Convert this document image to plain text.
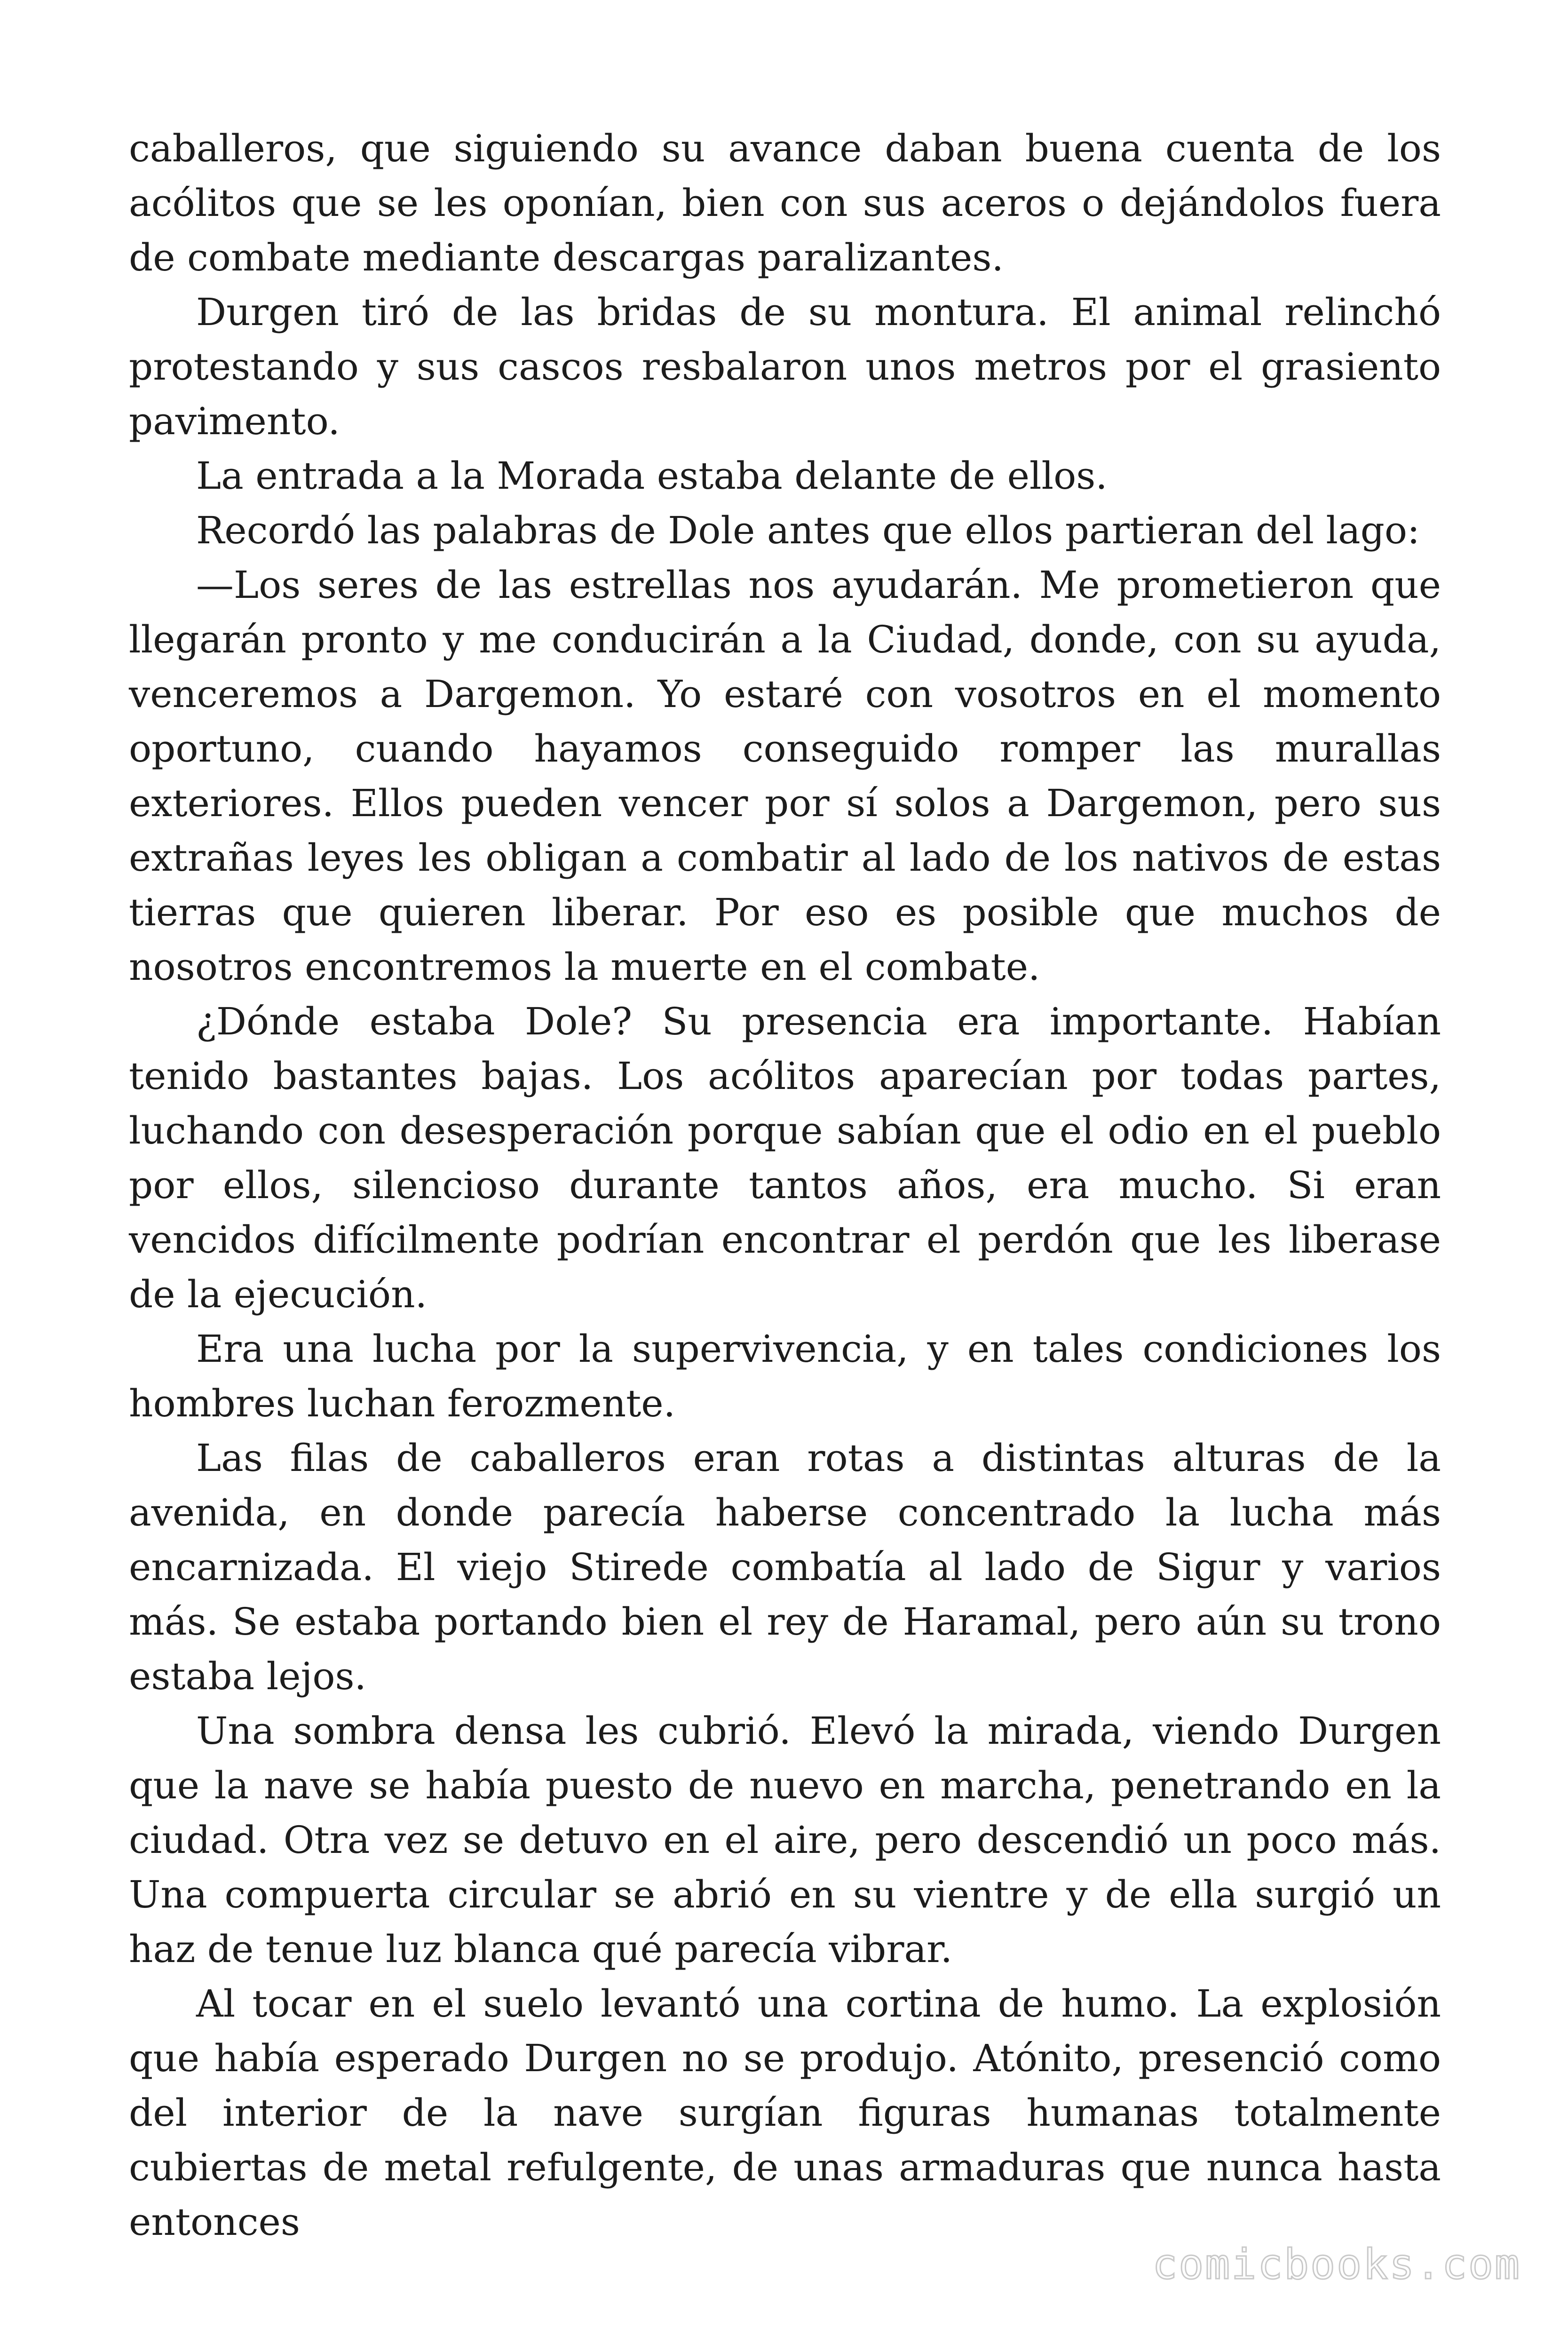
caballeros, que siguiendo su avance daban buena cuenta de los acólitos que se les oponían, bien con sus aceros o dejándolos fuera de combate mediante descargas paralizantes.

Durgen tiró de las bridas de su montura. El animal relinchó protestando y sus cascos resbalaron unos metros por el grasiento pavimento.

La entrada a la Morada estaba delante de ellos.

Recordó las palabras de Dole antes que ellos partieran del lago:

—Los seres de las estrellas nos ayudarán. Me prometieron que llegarán pronto y me conducirán a la Ciudad, donde, con su ayuda, venceremos a Dargemon. Yo estaré con vosotros en el momento oportuno, cuando hayamos conseguido romper las murallas exteriores. Ellos pueden vencer por sí solos a Dargemon, pero sus extrañas leyes les obligan a combatir al lado de los nativos de estas tierras que quieren liberar. Por eso es posible que muchos de nosotros encontremos la muerte en el combate.

¿Dónde estaba Dole? Su presencia era importante. Habían tenido bastantes bajas. Los acólitos aparecían por todas partes, luchando con desesperación porque sabían que el odio en el pueblo por ellos, silencioso durante tantos años, era mucho. Si eran vencidos difícilmente podrían encontrar el perdón que les liberase de la ejecución.

Era una lucha por la supervivencia, y en tales condiciones los hombres luchan ferozmente.

Las filas de caballeros eran rotas a distintas alturas de la avenida, en donde parecía haberse concentrado la lucha más encarnizada. El viejo Stirede combatía al lado de Sigur y varios más. Se estaba portando bien el rey de Haramal, pero aún su trono estaba lejos.

Una sombra densa les cubrió. Elevó la mirada, viendo Durgen que la nave se había puesto de nuevo en marcha, penetrando en la ciudad. Otra vez se detuvo en el aire, pero descendió un poco más. Una compuerta circular se abrió en su vientre y de ella surgió un haz de tenue luz blanca qué parecía vibrar.

Al tocar en el suelo levantó una cortina de humo. La explosión que había esperado Durgen no se produjo. Atónito, presenció como del interior de la nave surgían figuras humanas totalmente cubiertas de metal refulgente, de unas armaduras que nunca hasta entonces

comicbooks.com
